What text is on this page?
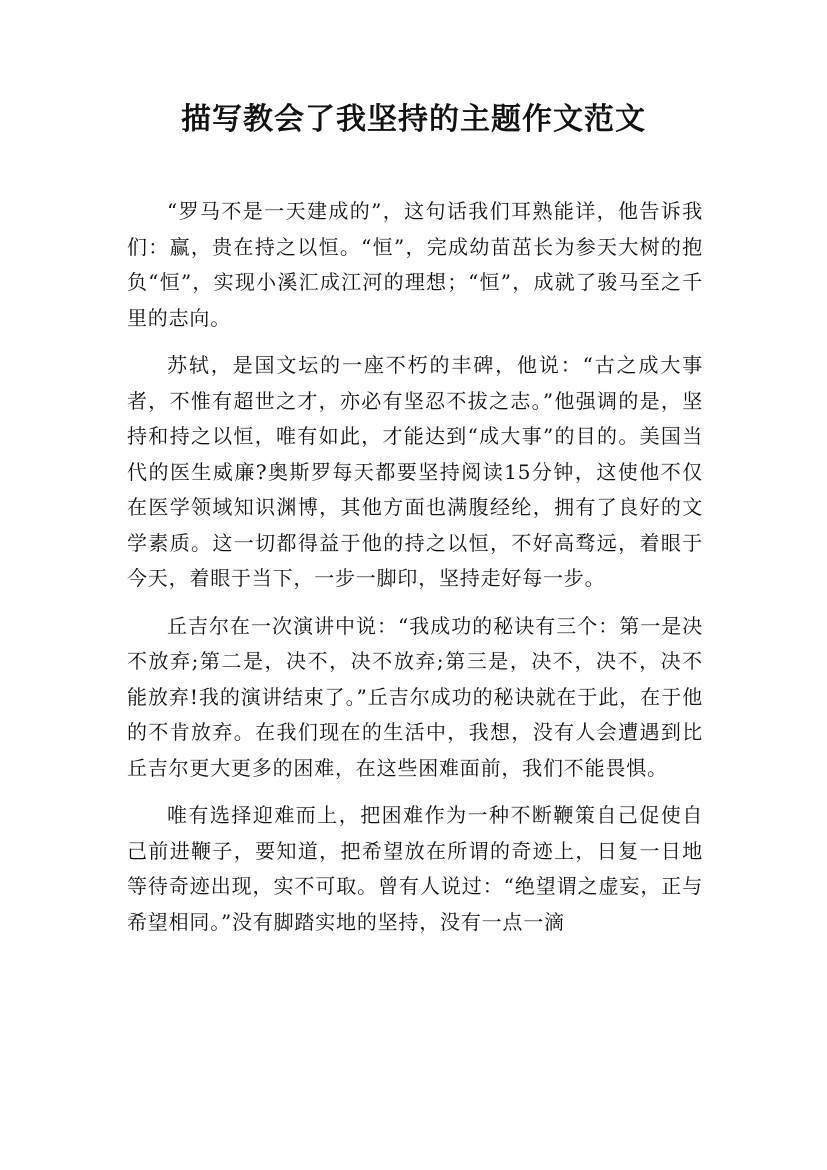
描写教会了我坚持的主题作文范文

“罗马不是一天建成的”，这句话我们耳熟能详，他告诉我们：赢，贵在持之以恒。“恒”，完成幼苗茁长为参天大树的抱负“恒”，实现小溪汇成江河的理想；“恒”，成就了骏马至之千里的志向。

苏轼，是国文坛的一座不朽的丰碑，他说：“古之成大事者，不惟有超世之才，亦必有坚忍不拔之志。”他强调的是，坚持和持之以恒，唯有如此，才能达到“成大事”的目的。美国当代的医生威廉?奥斯罗每天都要坚持阅读15分钟，这使他不仅在医学领域知识渊博，其他方面也满腹经纶，拥有了良好的文学素质。这一切都得益于他的持之以恒，不好高骛远，着眼于今天，着眼于当下，一步一脚印，坚持走好每一步。

丘吉尔在一次演讲中说：“我成功的秘诀有三个：第一是决不放弃;第二是，决不，决不放弃;第三是，决不，决不，决不能放弃!我的演讲结束了。”丘吉尔成功的秘诀就在于此，在于他的不肯放弃。在我们现在的生活中，我想，没有人会遭遇到比丘吉尔更大更多的困难，在这些困难面前，我们不能畏惧。

唯有选择迎难而上，把困难作为一种不断鞭策自己促使自己前进鞭子，要知道，把希望放在所谓的奇迹上，日复一日地等待奇迹出现，实不可取。曾有人说过：“绝望谓之虚妄，正与希望相同。”没有脚踏实地的坚持，没有一点一滴
